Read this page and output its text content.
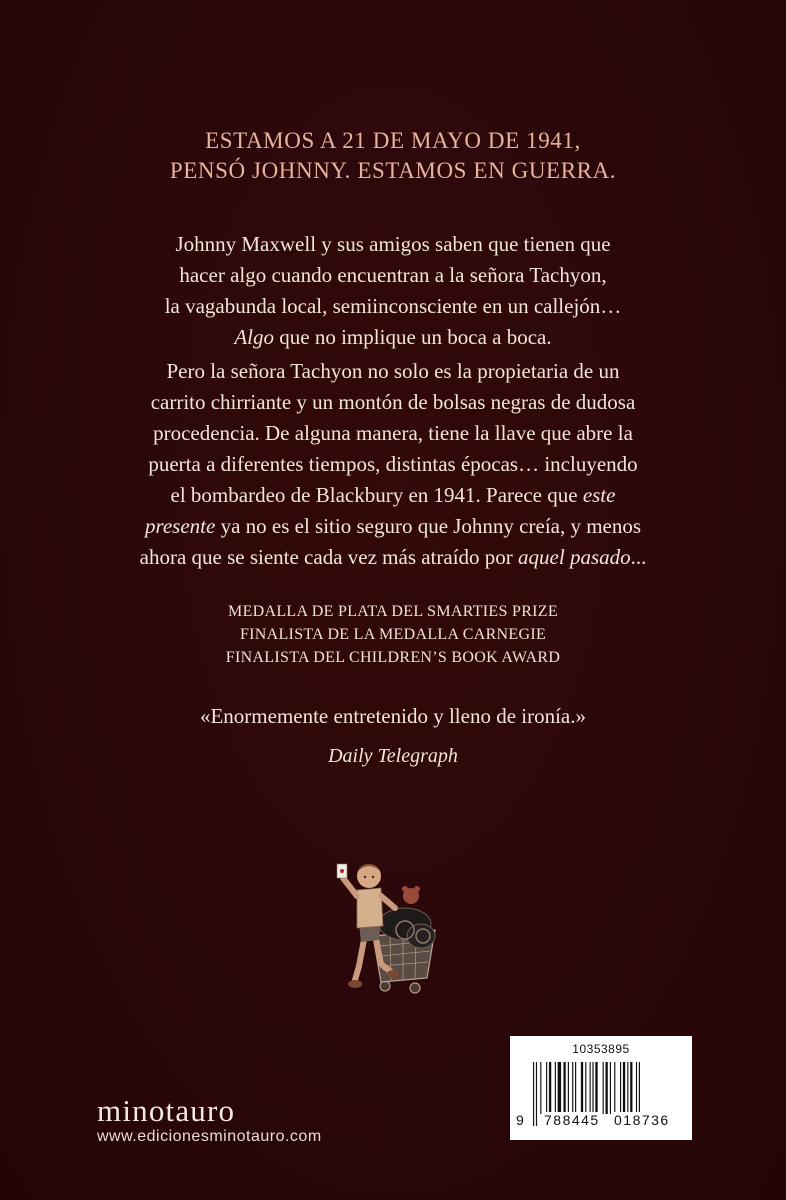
ESTAMOS A 21 DE MAYO DE 1941,
PENSÓ JOHNNY. ESTAMOS EN GUERRA.
Johnny Maxwell y sus amigos saben que tienen que
hacer algo cuando encuentran a la señora Tachyon,
la vagabunda local, semiinconsciente en un callejón…
Algo que no implique un boca a boca.
Pero la señora Tachyon no solo es la propietaria de un
carrito chirriante y un montón de bolsas negras de dudosa
procedencia. De alguna manera, tiene la llave que abre la
puerta a diferentes tiempos, distintas épocas… incluyendo
el bombardeo de Blackbury en 1941. Parece que este
presente ya no es el sitio seguro que Johnny creía, y menos
ahora que se siente cada vez más atraído por aquel pasado...
MEDALLA DE PLATA DEL SMARTIES PRIZE
FINALISTA DE LA MEDALLA CARNEGIE
FINALISTA DEL CHILDREN’S BOOK AWARD
«Enormemente entretenido y lleno de ironía.»
Daily Telegraph
minotauro
www.edicionesminotauro.com
10353895
9 788445 018736
